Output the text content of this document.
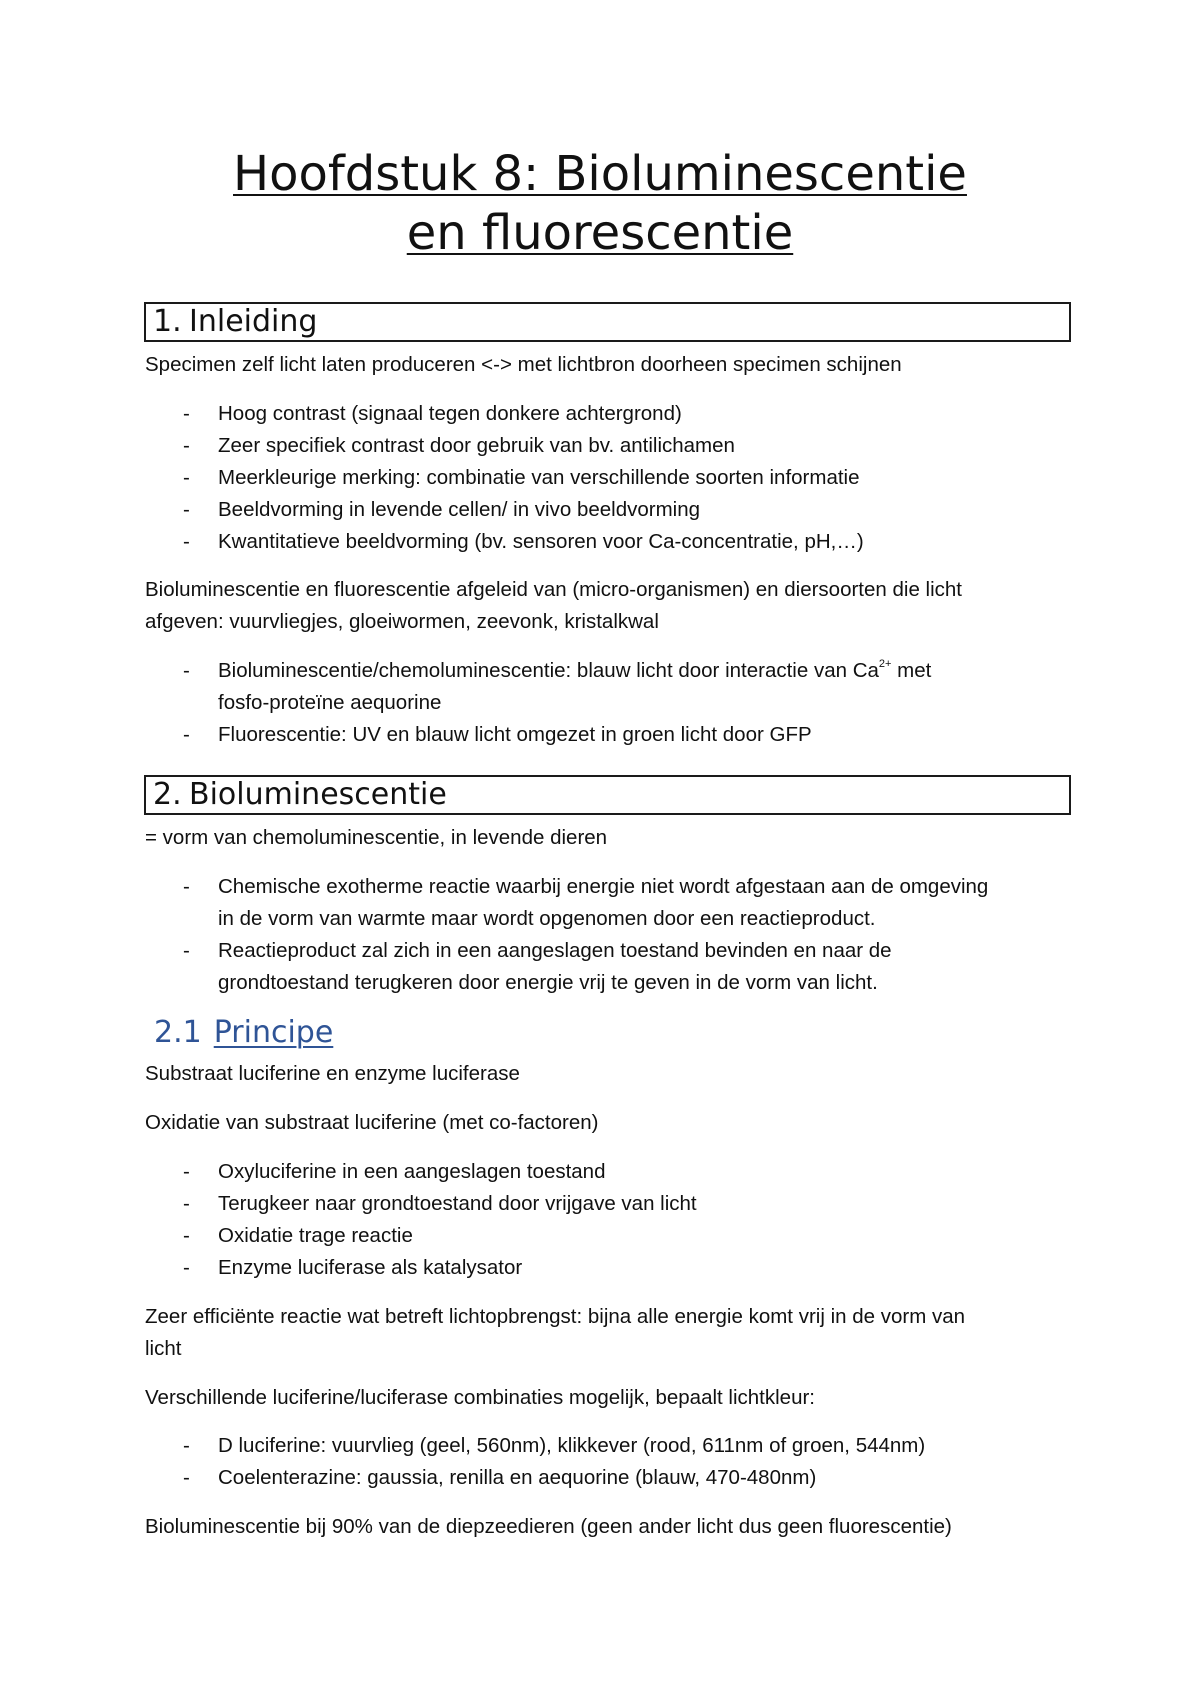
Hoofdstuk 8: Bioluminescentie
en fluorescentie
1. Inleiding

Specimen zelf licht laten produceren <-> met lichtbron doorheen specimen schijnen

- Hoog contrast (signaal tegen donkere achtergrond)
- Zeer specifiek contrast door gebruik van bv. antilichamen
- Meerkleurige merking: combinatie van verschillende soorten informatie
- Beeldvorming in levende cellen/ in vivo beeldvorming
- Kwantitatieve beeldvorming (bv. sensoren voor Ca-concentratie, pH,…)

Bioluminescentie en fluorescentie afgeleid van (micro-organismen) en diersoorten die licht
afgeven: vuurvliegjes, gloeiwormen, zeevonk, kristalkwal

- Bioluminescentie/chemoluminescentie: blauw licht door interactie van $Ca^{2+}$ met
fosfo-proteïne aequorine
- Fluorescentie: UV en blauw licht omgezet in groen licht door GFP
2. Bioluminescentie

= vorm van chemoluminescentie, in levende dieren

- Chemische exotherme reactie waarbij energie niet wordt afgestaan aan de omgeving
in de vorm van warmte maar wordt opgenomen door een reactieproduct.
- Reactieproduct zal zich in een aangeslagen toestand bevinden en naar de
grondtoestand terugkeren door energie vrij te geven in de vorm van licht.
2.1 Principe

Substraat luciferine en enzyme luciferase

Oxidatie van substraat luciferine (met co-factoren)

- Oxyluciferine in een aangeslagen toestand
- Terugkeer naar grondtoestand door vrijgave van licht
- Oxidatie trage reactie
- Enzyme luciferase als katalysator

Zeer efficiënte reactie wat betreft lichtopbrengst: bijna alle energie komt vrij in de vorm van
licht

Verschillende luciferine/luciferase combinaties mogelijk, bepaalt lichtkleur:

- D luciferine: vuurvlieg (geel, 560nm), klikkever (rood, 611nm of groen, 544nm)
- Coelenterazine: gaussia, renilla en aequorine (blauw, 470-480nm)

Bioluminescentie bij 90% van de diepzeedieren (geen ander licht dus geen fluorescentie)
